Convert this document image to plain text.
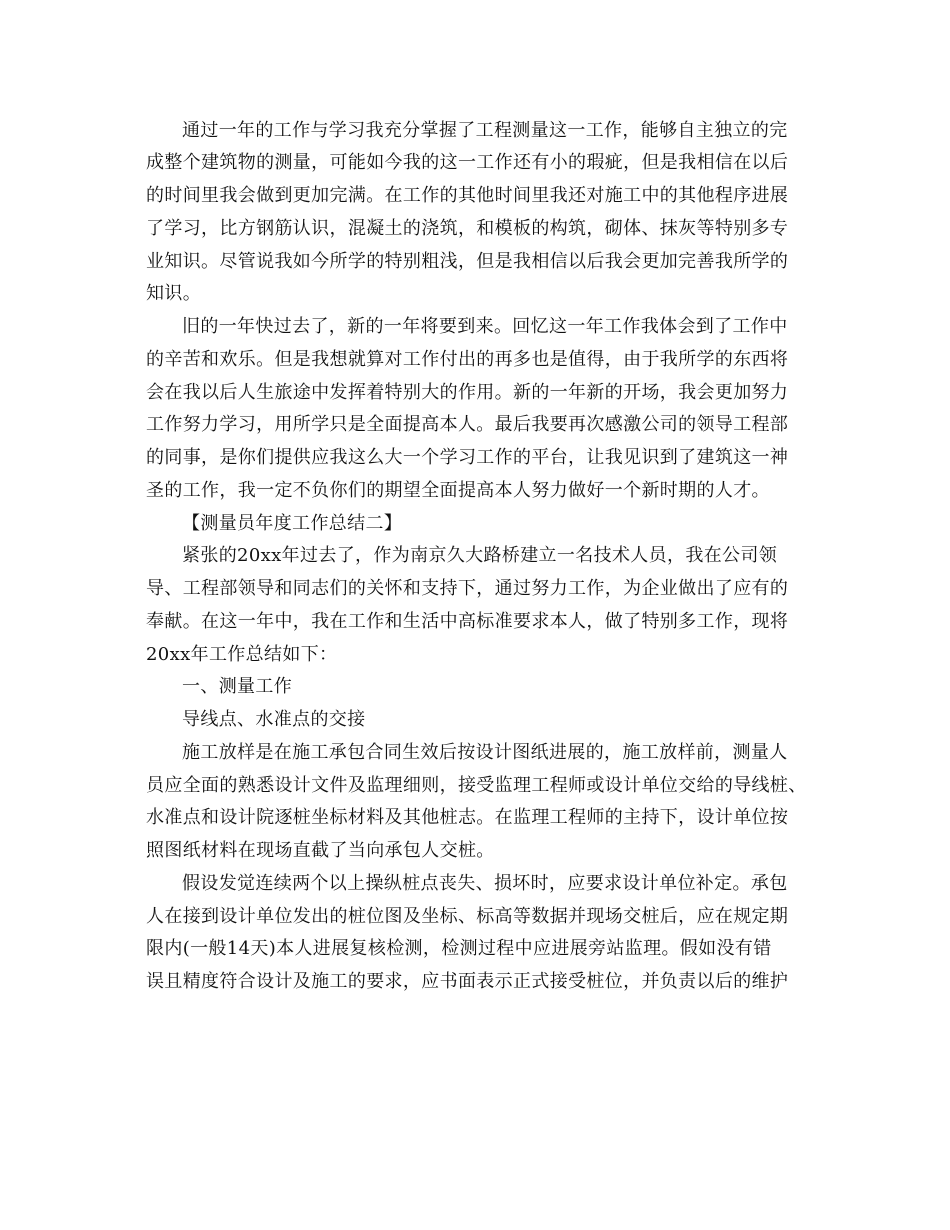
通过一年的工作与学习我充分掌握了工程测量这一工作，能够自主独立的完
成整个建筑物的测量，可能如今我的这一工作还有小的瑕疵，但是我相信在以后
的时间里我会做到更加完满。在工作的其他时间里我还对施工中的其他程序进展
了学习，比方钢筋认识，混凝土的浇筑，和模板的构筑，砌体、抹灰等特别多专
业知识。尽管说我如今所学的特别粗浅，但是我相信以后我会更加完善我所学的
知识。
旧的一年快过去了，新的一年将要到来。回忆这一年工作我体会到了工作中
的辛苦和欢乐。但是我想就算对工作付出的再多也是值得，由于我所学的东西将
会在我以后人生旅途中发挥着特别大的作用。新的一年新的开场，我会更加努力
工作努力学习，用所学只是全面提高本人。最后我要再次感激公司的领导工程部
的同事，是你们提供应我这么大一个学习工作的平台，让我见识到了建筑这一神
圣的工作，我一定不负你们的期望全面提高本人努力做好一个新时期的人才。
【测量员年度工作总结二】
紧张的20xx年过去了，作为南京久大路桥建立一名技术人员，我在公司领
导、工程部领导和同志们的关怀和支持下，通过努力工作，为企业做出了应有的
奉献。在这一年中，我在工作和生活中高标准要求本人，做了特别多工作，现将
20xx年工作总结如下：
一、测量工作
导线点、水准点的交接
施工放样是在施工承包合同生效后按设计图纸进展的，施工放样前，测量人
员应全面的熟悉设计文件及监理细则，接受监理工程师或设计单位交给的导线桩、
水准点和设计院逐桩坐标材料及其他桩志。在监理工程师的主持下，设计单位按
照图纸材料在现场直截了当向承包人交桩。
假设发觉连续两个以上操纵桩点丧失、损坏时，应要求设计单位补定。承包
人在接到设计单位发出的桩位图及坐标、标高等数据并现场交桩后，应在规定期
限内(一般14天)本人进展复核检测，检测过程中应进展旁站监理。假如没有错
误且精度符合设计及施工的要求，应书面表示正式接受桩位，并负责以后的维护
